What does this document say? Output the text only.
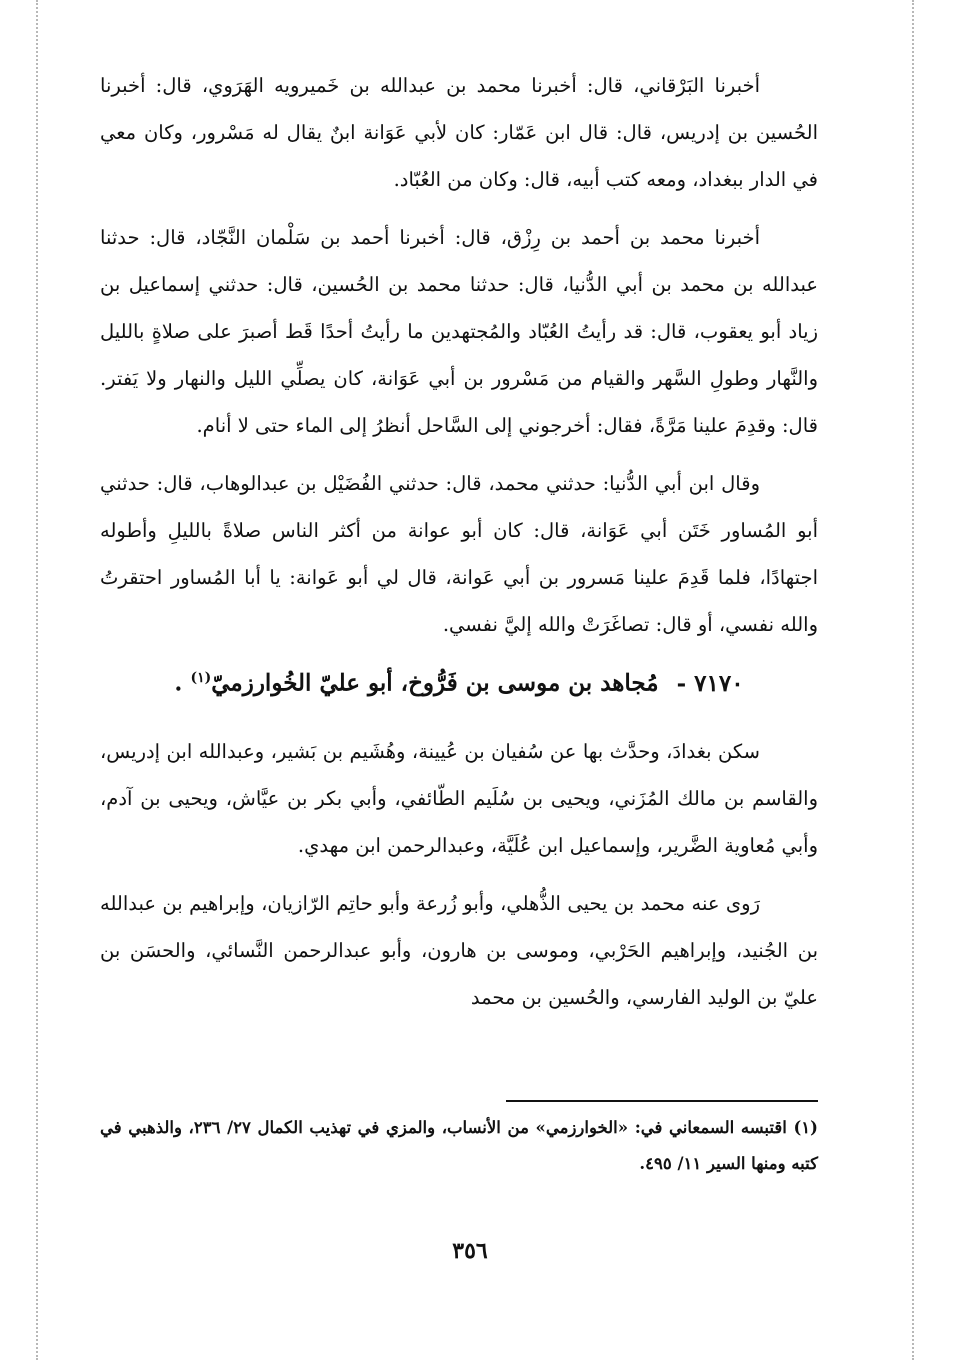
أخبرنا البَرْقاني، قال: أخبرنا محمد بن عبدالله بن خَميرويه الهَرَوي، قال: أخبرنا الحُسين بن إدريس، قال: قال ابن عَمّار: كان لأبي عَوَانة ابنٌ يقال له مَسْرور، وكان معي في الدار ببغداد، ومعه كتب أبيه، قال: وكان من العُبّاد.

أخبرنا محمد بن أحمد بن رِزْق، قال: أخبرنا أحمد بن سَلْمان النَّجّاد، قال: حدثنا عبدالله بن محمد بن أبي الدُّنيا، قال: حدثنا محمد بن الحُسين، قال: حدثني إسماعيل بن زياد أبو يعقوب، قال: قد رأيتُ العُبّاد والمُجتهدين ما رأيتُ أحدًا قَط أصبرَ على صلاةٍ بالليل والنَّهار وطولِ السَّهر والقيام من مَسْرور بن أبي عَوَانة، كان يصلِّي الليل والنهار ولا يَفتر. قال: وقدِمَ علينا مَرَّةً، فقال: أخرجوني إلى السَّاحل أنظرُ إلى الماء حتى لا أنام.

وقال ابن أبي الدُّنيا: حدثني محمد، قال: حدثني الفُضَيْل بن عبدالوهاب، قال: حدثني أبو المُساور خَتَن أبي عَوَانة، قال: كان أبو عوانة من أكثر الناس صلاةً بالليلِ وأطوله اجتهادًا، فلما قَدِمَ علينا مَسرور بن أبي عَوانة، قال لي أبو عَوانة: يا أبا المُساور احتقرتُ والله نفسي، أو قال: تصاغَرَتْ والله إليَّ نفسي.

٧١٧٠ - مُجاهد بن موسى بن فَرُّوخ، أبو عليّ الخُوارزميّ$^{(١)}$ .

سكن بغدادَ، وحدَّث بها عن سُفيان بن عُيينة، وهُشَيم بن بَشير، وعبدالله ابن إدريس، والقاسم بن مالك المُزَني، ويحيى بن سُلَيم الطّائفي، وأبي بكر بن عيَّاش، ويحيى بن آدم، وأبي مُعاوية الضَّرير، وإسماعيل ابن عُلَيَّة، وعبدالرحمن ابن مهدي.

رَوى عنه محمد بن يحيى الذُّهلي، وأبو زُرعة وأبو حاتِم الرّازيان، وإبراهيم بن عبدالله بن الجُنيد، وإبراهيم الحَرْبي، وموسى بن هارون، وأبو عبدالرحمن النَّسائي، والحسَن بن عليّ بن الوليد الفارسي، والحُسين بن محمد

(١) اقتبسه السمعاني في: «الخوارزمي» من الأنساب، والمزي في تهذيب الكمال ٢٧/ ٢٣٦، والذهبي في كتبه ومنها السير ١١/ ٤٩٥.
٣٥٦
